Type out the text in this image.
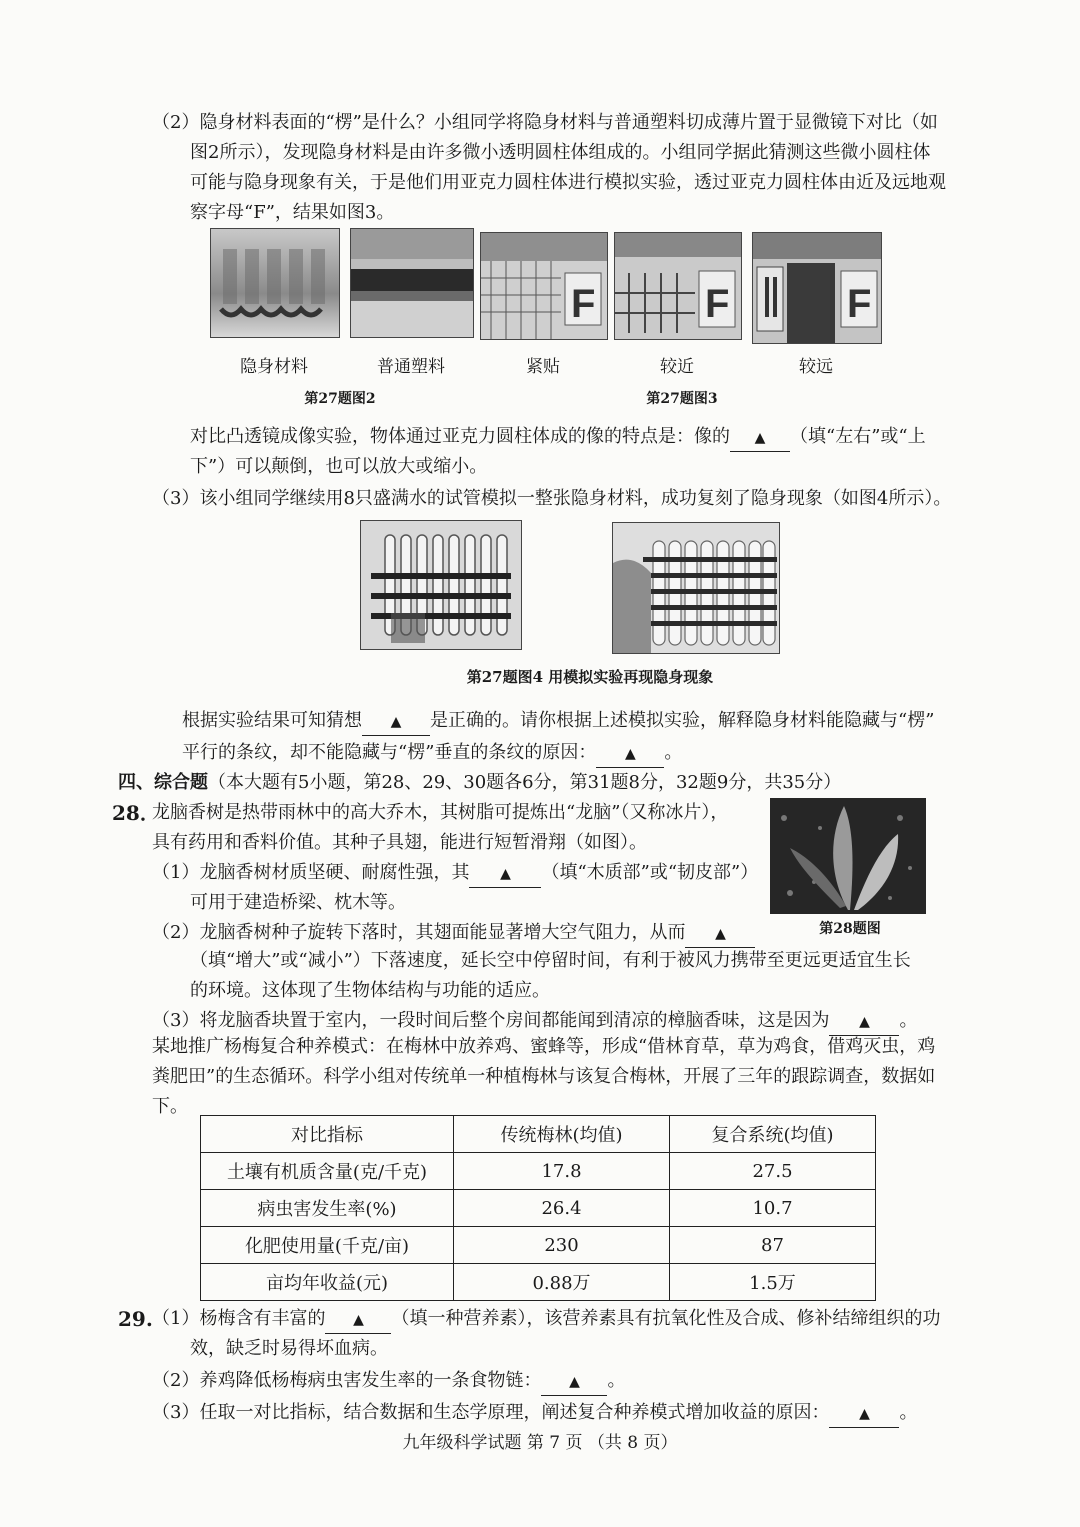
（2）隐身材料表面的“楞”是什么？小组同学将隐身材料与普通塑料切成薄片置于显微镜下对比（如
图2所示），发现隐身材料是由许多微小透明圆柱体组成的。小组同学据此猜测这些微小圆柱体
可能与隐身现象有关，于是他们用亚克力圆柱体进行模拟实验，透过亚克力圆柱体由近及远地观
察字母“F”，结果如图3。
F	F	F
隐身材料	普通塑料	紧贴	较近	较远
第27题图2	第27题图3
对比凸透镜成像实验，物体通过亚克力圆柱体成的像的特点是：像的 ▲ （填“左右”或“上
下”）可以颠倒，也可以放大或缩小。
（3）该小组同学继续用8只盛满水的试管模拟一整张隐身材料，成功复刻了隐身现象（如图4所示）。
第27题图4 用模拟实验再现隐身现象
根据实验结果可知猜想 ▲ 是正确的。请你根据上述模拟实验，解释隐身材料能隐藏与“楞”
平行的条纹，却不能隐藏与“楞”垂直的条纹的原因： ▲ 。
四、综合题（本大题有5小题，第28、29、30题各6分，第31题8分，32题9分，共35分）
28．
龙脑香树是热带雨林中的高大乔木，其树脂可提炼出“龙脑”（又称冰片），
具有药用和香料价值。其种子具翅，能进行短暂滑翔（如图）。
（1）龙脑香树材质坚硬、耐腐性强，其 ▲ （填“木质部”或“韧皮部”）
可用于建造桥梁、枕木等。
第28题图
（2）龙脑香树种子旋转下落时，其翅面能显著增大空气阻力，从而 ▲
（填“增大”或“减小”）下落速度，延长空中停留时间，有利于被风力携带至更远更适宜生长
的环境。这体现了生物体结构与功能的适应。
（3）将龙脑香块置于室内，一段时间后整个房间都能闻到清凉的樟脑香味，这是因为 ▲ 。
某地推广杨梅复合种养模式：在梅林中放养鸡、蜜蜂等，形成“借林育草，草为鸡食，借鸡灭虫，鸡
粪肥田”的生态循环。科学小组对传统单一种植梅林与该复合梅林，开展了三年的跟踪调查，数据如
下。
对比指标	传统梅林(均值)	复合系统(均值)
土壤有机质含量(克/千克)	17.8	27.5
病虫害发生率(%)	26.4	10.7
化肥使用量(千克/亩)	230	87
亩均年收益(元)	0.88万	1.5万
29. （1）杨梅含有丰富的 ▲ （填一种营养素），该营养素具有抗氧化性及合成、修补结缔组织的功
效，缺乏时易得坏血病。
（2）养鸡降低杨梅病虫害发生率的一条食物链： ▲ 。
（3）任取一对比指标，结合数据和生态学原理，阐述复合种养模式增加收益的原因： ▲ 。
九年级科学试题 第 7 页 （共 8 页）
